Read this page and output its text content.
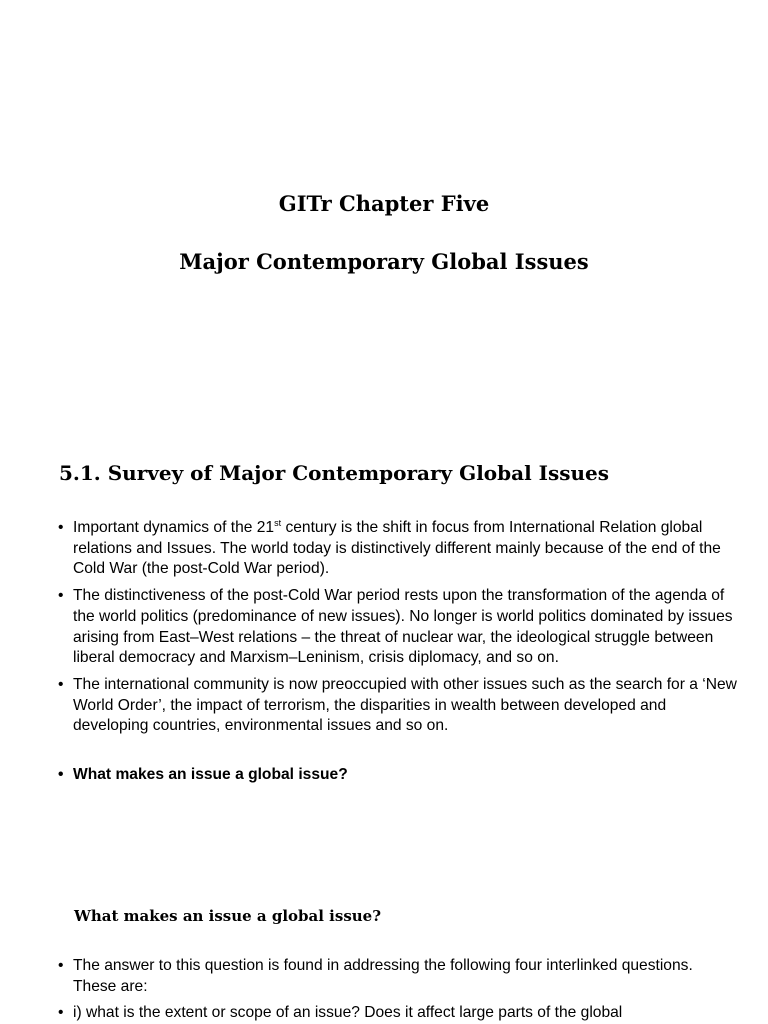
GITr Chapter Five
Major Contemporary Global Issues
5.1. Survey of Major Contemporary Global Issues
• Important dynamics of the 21st century is the shift in focus from International Relation global relations and Issues. The world today is distinctively different mainly because of the end of the Cold War (the post-Cold War period).
• The distinctiveness of the post-Cold War period rests upon the transformation of the agenda of the world politics (predominance of new issues). No longer is world politics dominated by issues arising from East–West relations – the threat of nuclear war, the ideological struggle between liberal democracy and Marxism–Leninism, crisis diplomacy, and so on.
• The international community is now preoccupied with other issues such as the search for a ‘New World Order’, the impact of terrorism, the disparities in wealth between developed and developing countries, environmental issues and so on.
• What makes an issue a global issue?
What makes an issue a global issue?
• The answer to this question is found in addressing the following four interlinked questions. These are:
• i) what is the extent or scope of an issue? Does it affect large parts of the global
